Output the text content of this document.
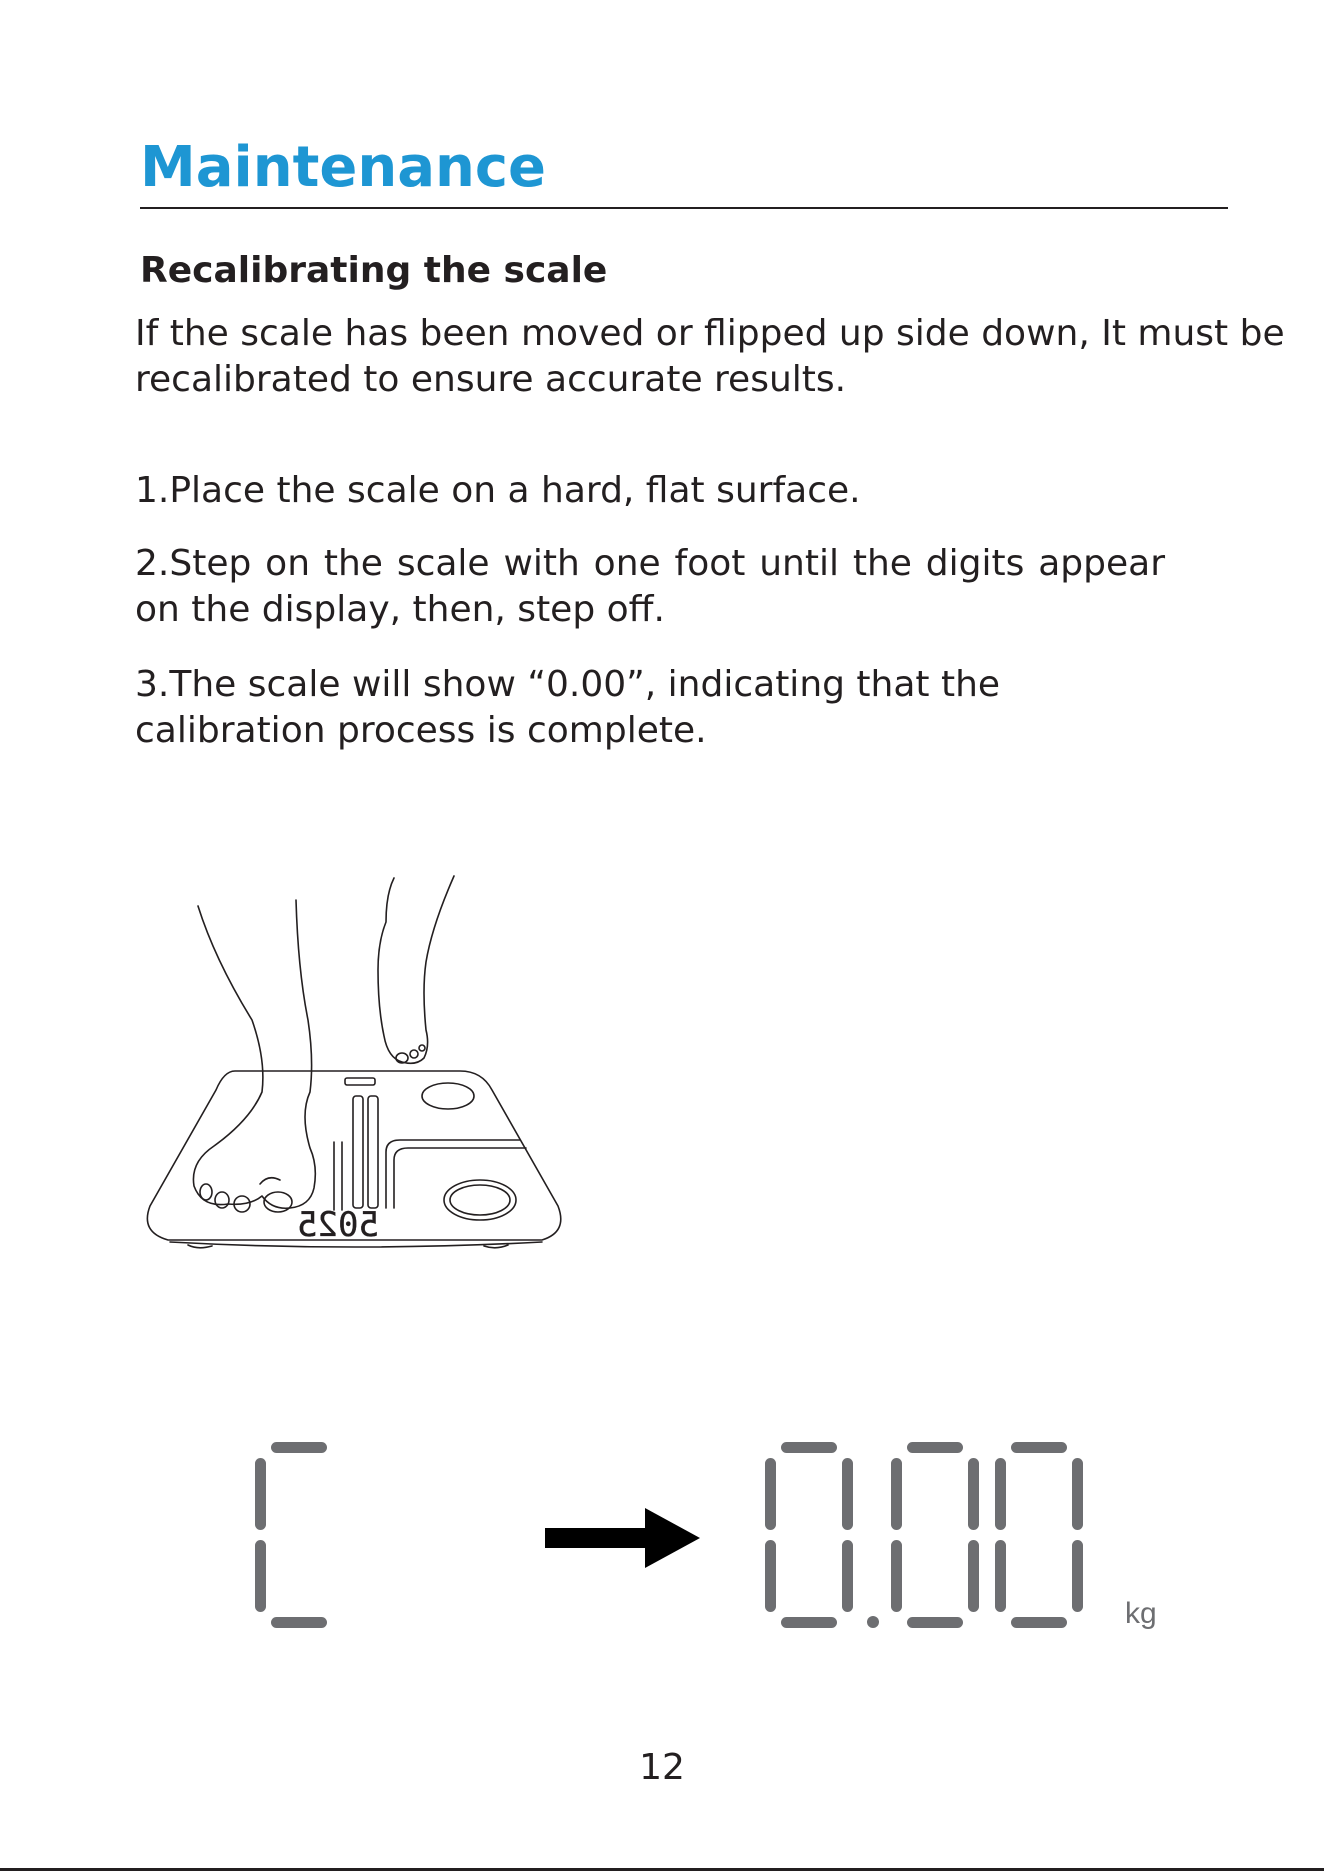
Maintenance
Recalibrating the scale

If the scale has been moved or flipped up side down, It must be recalibrated to ensure accurate results.

1.Place the scale on a hard, flat surface.

2.Step on the scale with one foot until the digits appear on the display, then, step off.

3.The scale will show “0.00”, indicating that the calibration process is complete.

5025
kg

12
